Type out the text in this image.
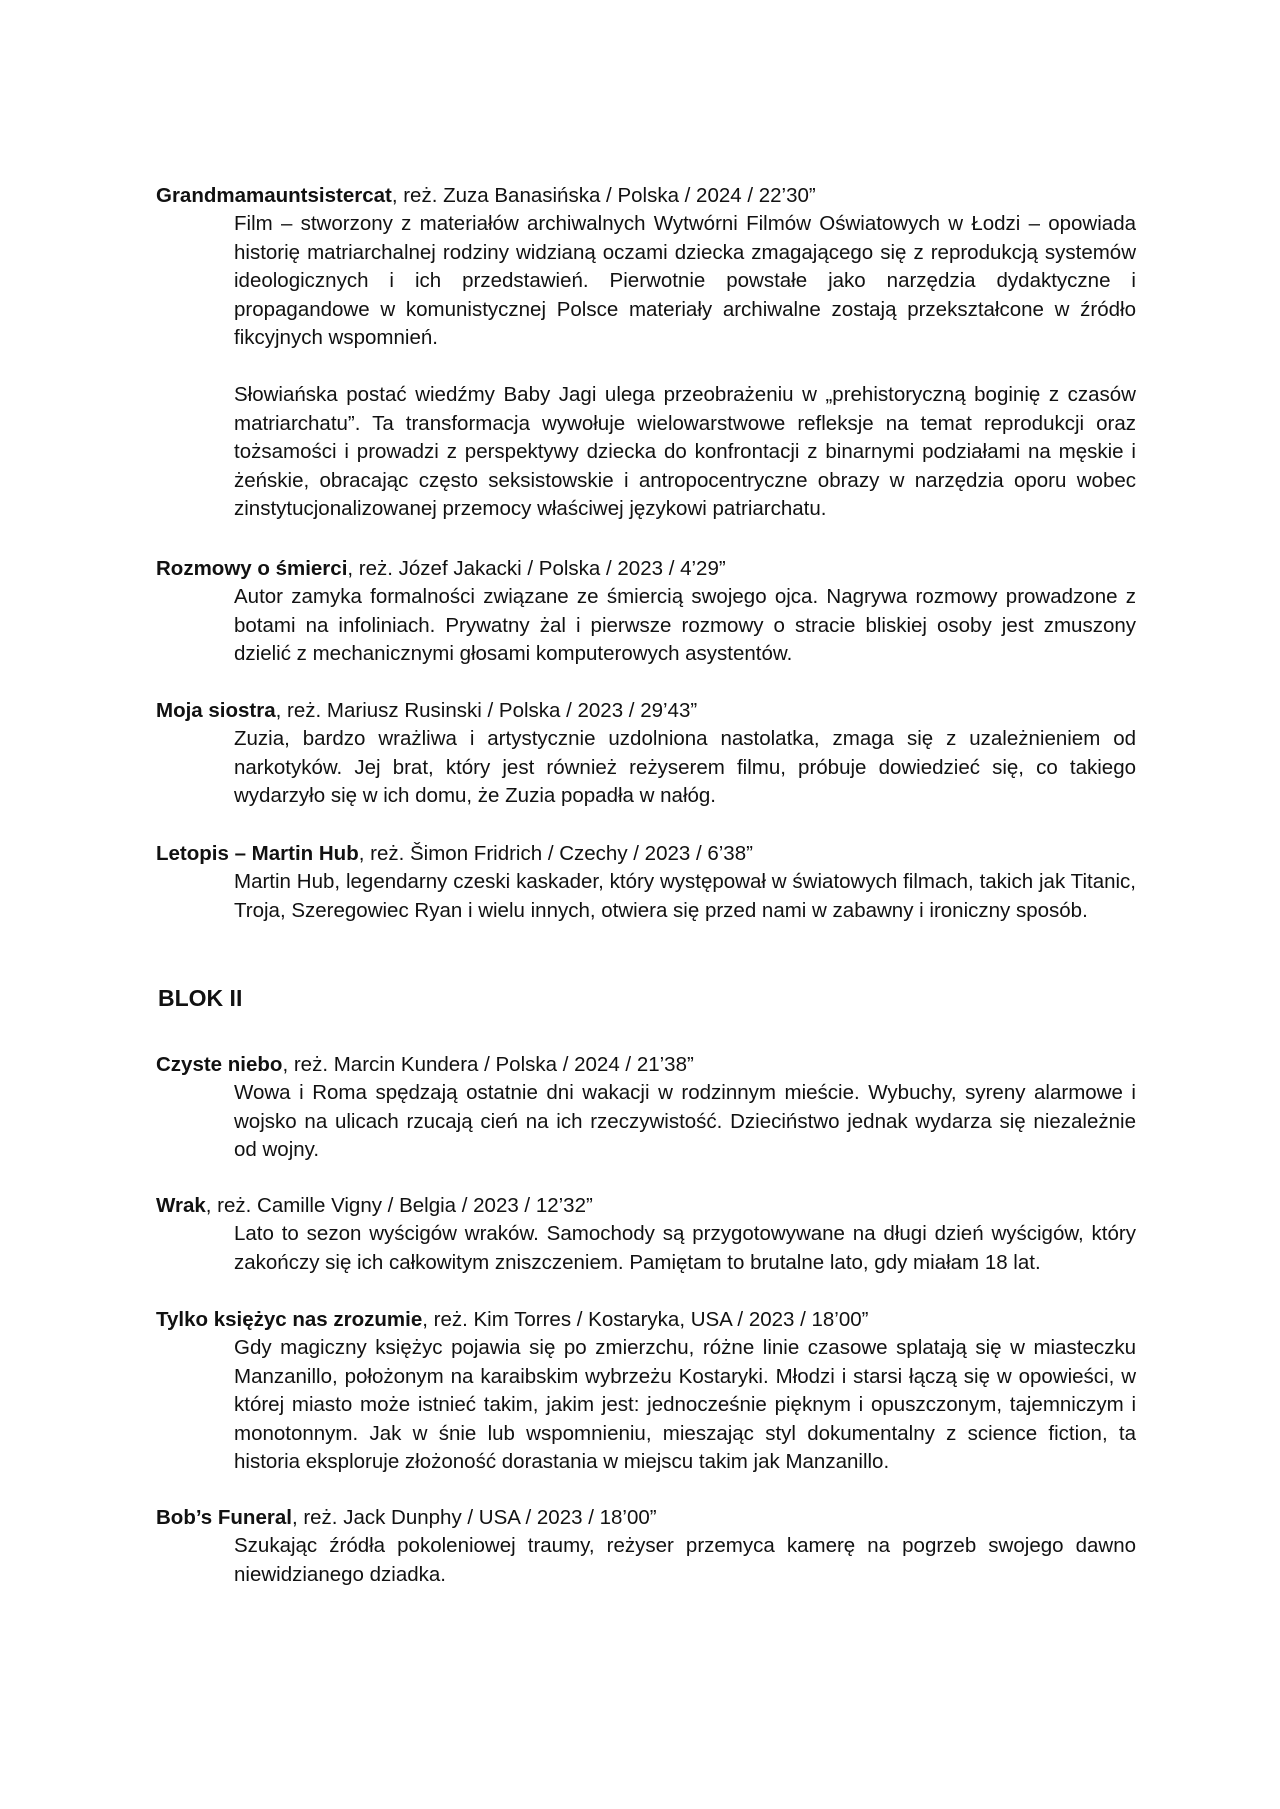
Grandmamauntsistercat, reż. Zuza Banasińska / Polska / 2024 / 22’30”

Film – stworzony z materiałów archiwalnych Wytwórni Filmów Oświatowych w Łodzi – opowiada historię matriarchalnej rodziny widzianą oczami dziecka zmagającego się z reprodukcją systemów ideologicznych i ich przedstawień. Pierwotnie powstałe jako narzędzia dydaktyczne i propagandowe w komunistycznej Polsce materiały archiwalne zostają przekształcone w źródło fikcyjnych wspomnień.

Słowiańska postać wiedźmy Baby Jagi ulega przeobrażeniu w „prehistoryczną boginię z czasów matriarchatu”. Ta transformacja wywołuje wielowarstwowe refleksje na temat reprodukcji oraz tożsamości i prowadzi z perspektywy dziecka do konfrontacji z binarnymi podziałami na męskie i żeńskie, obracając często seksistowskie i antropocentryczne obrazy w narzędzia oporu wobec zinstytucjonalizowanej przemocy właściwej językowi patriarchatu.

Rozmowy o śmierci, reż. Józef Jakacki / Polska / 2023 / 4’29”

Autor zamyka formalności związane ze śmiercią swojego ojca. Nagrywa rozmowy prowadzone z botami na infoliniach. Prywatny żal i pierwsze rozmowy o stracie bliskiej osoby jest zmuszony dzielić z mechanicznymi głosami komputerowych asystentów.

Moja siostra, reż. Mariusz Rusinski / Polska / 2023 / 29’43”

Zuzia, bardzo wrażliwa i artystycznie uzdolniona nastolatka, zmaga się z uzależnieniem od narkotyków. Jej brat, który jest również reżyserem filmu, próbuje dowiedzieć się, co takiego wydarzyło się w ich domu, że Zuzia popadła w nałóg.

Letopis – Martin Hub, reż. Šimon Fridrich / Czechy / 2023 / 6’38”

Martin Hub, legendarny czeski kaskader, który występował w światowych filmach, takich jak Titanic, Troja, Szeregowiec Ryan i wielu innych, otwiera się przed nami w zabawny i ironiczny sposób.

BLOK II

Czyste niebo, reż. Marcin Kundera / Polska / 2024 / 21’38”

Wowa i Roma spędzają ostatnie dni wakacji w rodzinnym mieście. Wybuchy, syreny alarmowe i wojsko na ulicach rzucają cień na ich rzeczywistość. Dzieciństwo jednak wydarza się niezależnie od wojny.

Wrak, reż. Camille Vigny / Belgia / 2023 / 12’32”

Lato to sezon wyścigów wraków. Samochody są przygotowywane na długi dzień wyścigów, który zakończy się ich całkowitym zniszczeniem. Pamiętam to brutalne lato, gdy miałam 18 lat.

Tylko księżyc nas zrozumie, reż. Kim Torres / Kostaryka, USA / 2023 / 18’00”

Gdy magiczny księżyc pojawia się po zmierzchu, różne linie czasowe splatają się w miasteczku Manzanillo, położonym na karaibskim wybrzeżu Kostaryki. Młodzi i starsi łączą się w opowieści, w której miasto może istnieć takim, jakim jest: jednocześnie pięknym i opuszczonym, tajemniczym i monotonnym. Jak w śnie lub wspomnieniu, mieszając styl dokumentalny z science fiction, ta historia eksploruje złożoność dorastania w miejscu takim jak Manzanillo.

Bob’s Funeral, reż. Jack Dunphy / USA / 2023 / 18’00”

Szukając źródła pokoleniowej traumy, reżyser przemyca kamerę na pogrzeb swojego dawno niewidzianego dziadka.
